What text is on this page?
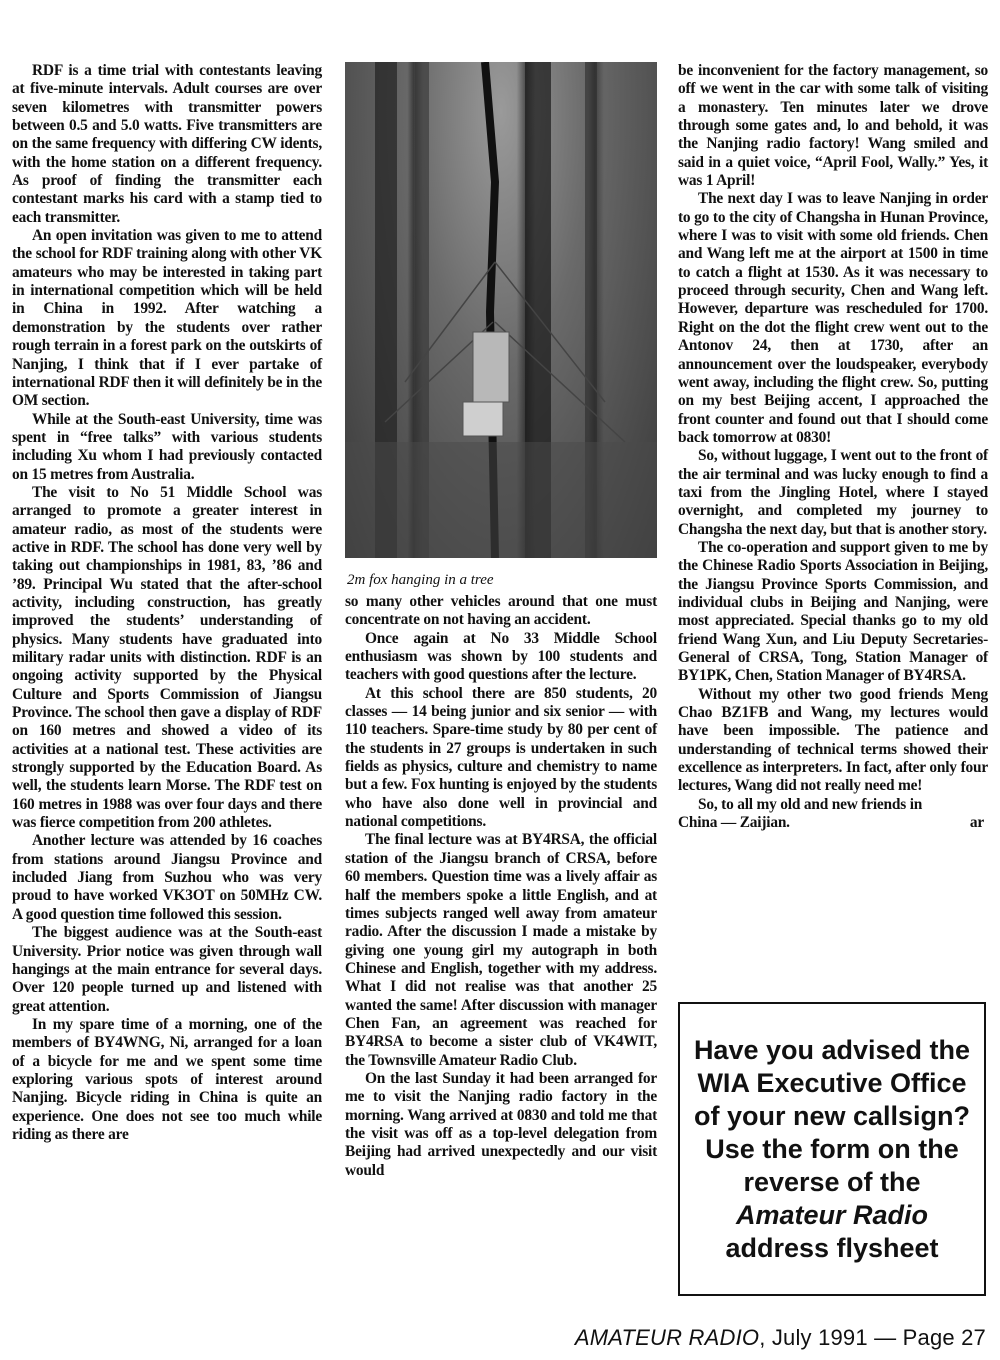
RDF is a time trial with contestants leaving at five-minute intervals. Adult courses are over seven kilometres with transmitter powers between 0.5 and 5.0 watts. Five transmitters are on the same frequency with differing CW idents, with the home station on a different frequency. As proof of finding the transmitter each contestant marks his card with a stamp tied to each transmitter.

An open invitation was given to me to attend the school for RDF training along with other VK amateurs who may be interested in taking part in international competition which will be held in China in 1992. After watching a demonstration by the students over rather rough terrain in a forest park on the outskirts of Nanjing, I think that if I ever partake of international RDF then it will definitely be in the OM section.

While at the South-east University, time was spent in “free talks” with various students including Xu whom I had previously contacted on 15 metres from Australia.

The visit to No 51 Middle School was arranged to promote a greater interest in amateur radio, as most of the students were active in RDF. The school has done very well by taking out championships in 1981, 83, ’86 and ’89. Principal Wu stated that the after-school activity, including construction, has greatly improved the students’ understanding of physics. Many students have graduated into military radar units with distinction. RDF is an ongoing activity supported by the Physical Culture and Sports Commission of Jiangsu Province. The school then gave a display of RDF on 160 metres and showed a video of its activities at a national test. These activities are strongly supported by the Education Board. As well, the students learn Morse. The RDF test on 160 metres in 1988 was over four days and there was fierce competition from 200 athletes.

Another lecture was attended by 16 coaches from stations around Jiangsu Province and included Jiang from Suzhou who was very proud to have worked VK3OT on 50MHz CW. A good question time followed this session.

The biggest audience was at the South-east University. Prior notice was given through wall hangings at the main entrance for several days. Over 120 people turned up and listened with great attention.

In my spare time of a morning, one of the members of BY4WNG, Ni, arranged for a loan of a bicycle for me and we spent some time exploring various spots of interest around Nanjing. Bicycle riding in China is quite an experience. One does not see too much while riding as there are

2m fox hanging in a tree

so many other vehicles around that one must concentrate on not having an accident.

Once again at No 33 Middle School enthusiasm was shown by 100 students and teachers with good questions after the lecture.

At this school there are 850 students, 20 classes — 14 being junior and six senior — with 110 teachers. Spare-time study by 80 per cent of the students in 27 groups is undertaken in such fields as physics, culture and chemistry to name but a few. Fox hunting is enjoyed by the students who have also done well in provincial and national competitions.

The final lecture was at BY4RSA, the official station of the Jiangsu branch of CRSA, before 60 members. Question time was a lively affair as half the members spoke a little English, and at times subjects ranged well away from amateur radio. After the discussion I made a mistake by giving one young girl my autograph in both Chinese and English, together with my address. What I did not realise was that another 25 wanted the same! After discussion with manager Chen Fan, an agreement was reached for BY4RSA to become a sister club of VK4WIT, the Townsville Amateur Radio Club.

On the last Sunday it had been arranged for me to visit the Nanjing radio factory in the morning. Wang arrived at 0830 and told me that the visit was off as a top-level delegation from Beijing had arrived unexpectedly and our visit would

be inconvenient for the factory management, so off we went in the car with some talk of visiting a monastery. Ten minutes later we drove through some gates and, lo and behold, it was the Nanjing radio factory! Wang smiled and said in a quiet voice, “April Fool, Wally.” Yes, it was 1 April!

The next day I was to leave Nanjing in order to go to the city of Changsha in Hunan Province, where I was to visit with some old friends. Chen and Wang left me at the airport at 1500 in time to catch a flight at 1530. As it was necessary to proceed through security, Chen and Wang left. However, departure was rescheduled for 1700. Right on the dot the flight crew went out to the Antonov 24, then at 1730, after an announcement over the loudspeaker, everybody went away, including the flight crew. So, putting on my best Beijing accent, I approached the front counter and found out that I should come back tomorrow at 0830!

So, without luggage, I went out to the front of the air terminal and was lucky enough to find a taxi from the Jingling Hotel, where I stayed overnight, and completed my journey to Changsha the next day, but that is another story.

The co-operation and support given to me by the Chinese Radio Sports Association in Beijing, the Jiangsu Province Sports Commission, and individual clubs in Beijing and Nanjing, were most appreciated. Special thanks go to my old friend Wang Xun, and Liu Deputy Secretaries-General of CRSA, Tong, Station Manager of BY1PK, Chen, Station Manager of BY4RSA.

Without my other two good friends Meng Chao BZ1FB and Wang, my lectures would have been impossible. The patience and understanding of technical terms showed their excellence as interpreters. In fact, after only four lectures, Wang did not really need me!

So, to all my old and new friends in

China — Zaijian.	ar

Have you advised the WIA Executive Office of your new callsign? Use the form on the reverse of the Amateur Radio address flysheet
AMATEUR RADIO, July 1991 — Page 27
